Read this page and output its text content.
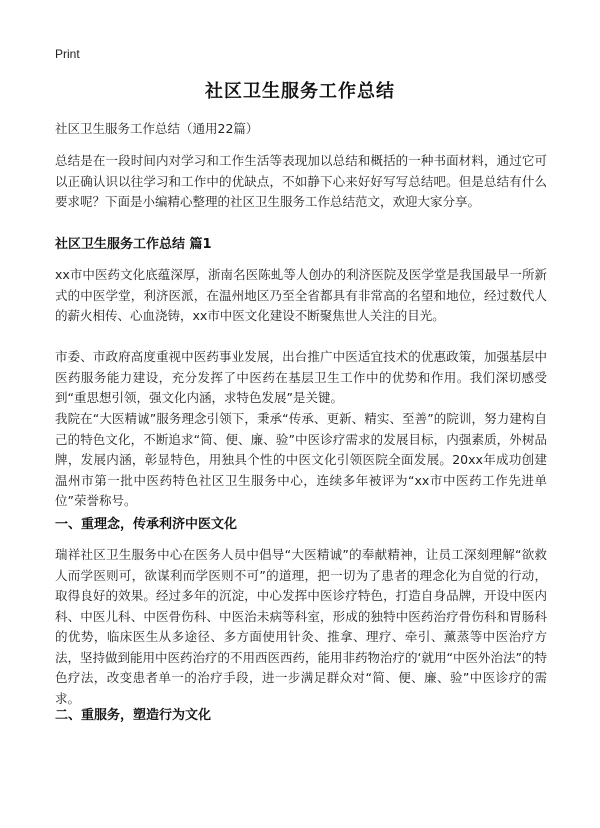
Print
社区卫生服务工作总结
社区卫生服务工作总结（通用22篇）

总结是在一段时间内对学习和工作生活等表现加以总结和概括的一种书面材料，通过它可以正确认识以往学习和工作中的优缺点，不如静下心来好好写写总结吧。但是总结有什么要求呢？下面是小编精心整理的社区卫生服务工作总结范文，欢迎大家分享。

社区卫生服务工作总结 篇1

xx市中医药文化底蕴深厚，浙南名医陈虬等人创办的利济医院及医学堂是我国最早一所新式的中医学堂，利济医派，在温州地区乃至全省都具有非常高的名望和地位，经过数代人的薪火相传、心血浇铸，xx市中医文化建设不断聚焦世人关注的目光。

市委、市政府高度重视中医药事业发展，出台推广中医适宜技术的优惠政策，加强基层中医药服务能力建设，充分发挥了中医药在基层卫生工作中的优势和作用。我们深切感受到“重思想引领，强文化内涵，求特色发展”是关键。

我院在“大医精诚”服务理念引领下，秉承“传承、更新、精实、至善”的院训，努力建构自己的特色文化，不断追求“简、便、廉、验”中医诊疗需求的发展目标，内强素质，外树品牌，发展内涵，彰显特色，用独具个性的中医文化引领医院全面发展。20xx年成功创建温州市第一批中医药特色社区卫生服务中心，连续多年被评为“xx市中医药工作先进单位”荣誉称号。

一、重理念，传承利济中医文化

瑞祥社区卫生服务中心在医务人员中倡导“大医精诚”的奉献精神，让员工深刻理解“欲救人而学医则可，欲谋利而学医则不可”的道理，把一切为了患者的理念化为自觉的行动，取得良好的效果。经过多年的沉淀，中心发挥中医诊疗特色，打造自身品牌，开设中医内科、中医儿科、中医骨伤科、中医治未病等科室，形成的独特中医药治疗骨伤科和胃肠科的优势，临床医生从多途径、多方面使用针灸、推拿、理疗、牵引、薰蒸等中医治疗方法，坚持做到能用中医药治疗的不用西医西药，能用非药物治疗的‘就用“中医外治法”的特色疗法，改变患者单一的治疗手段，进一步满足群众对“简、便、廉、验”中医诊疗的需求。

二、重服务，塑造行为文化
